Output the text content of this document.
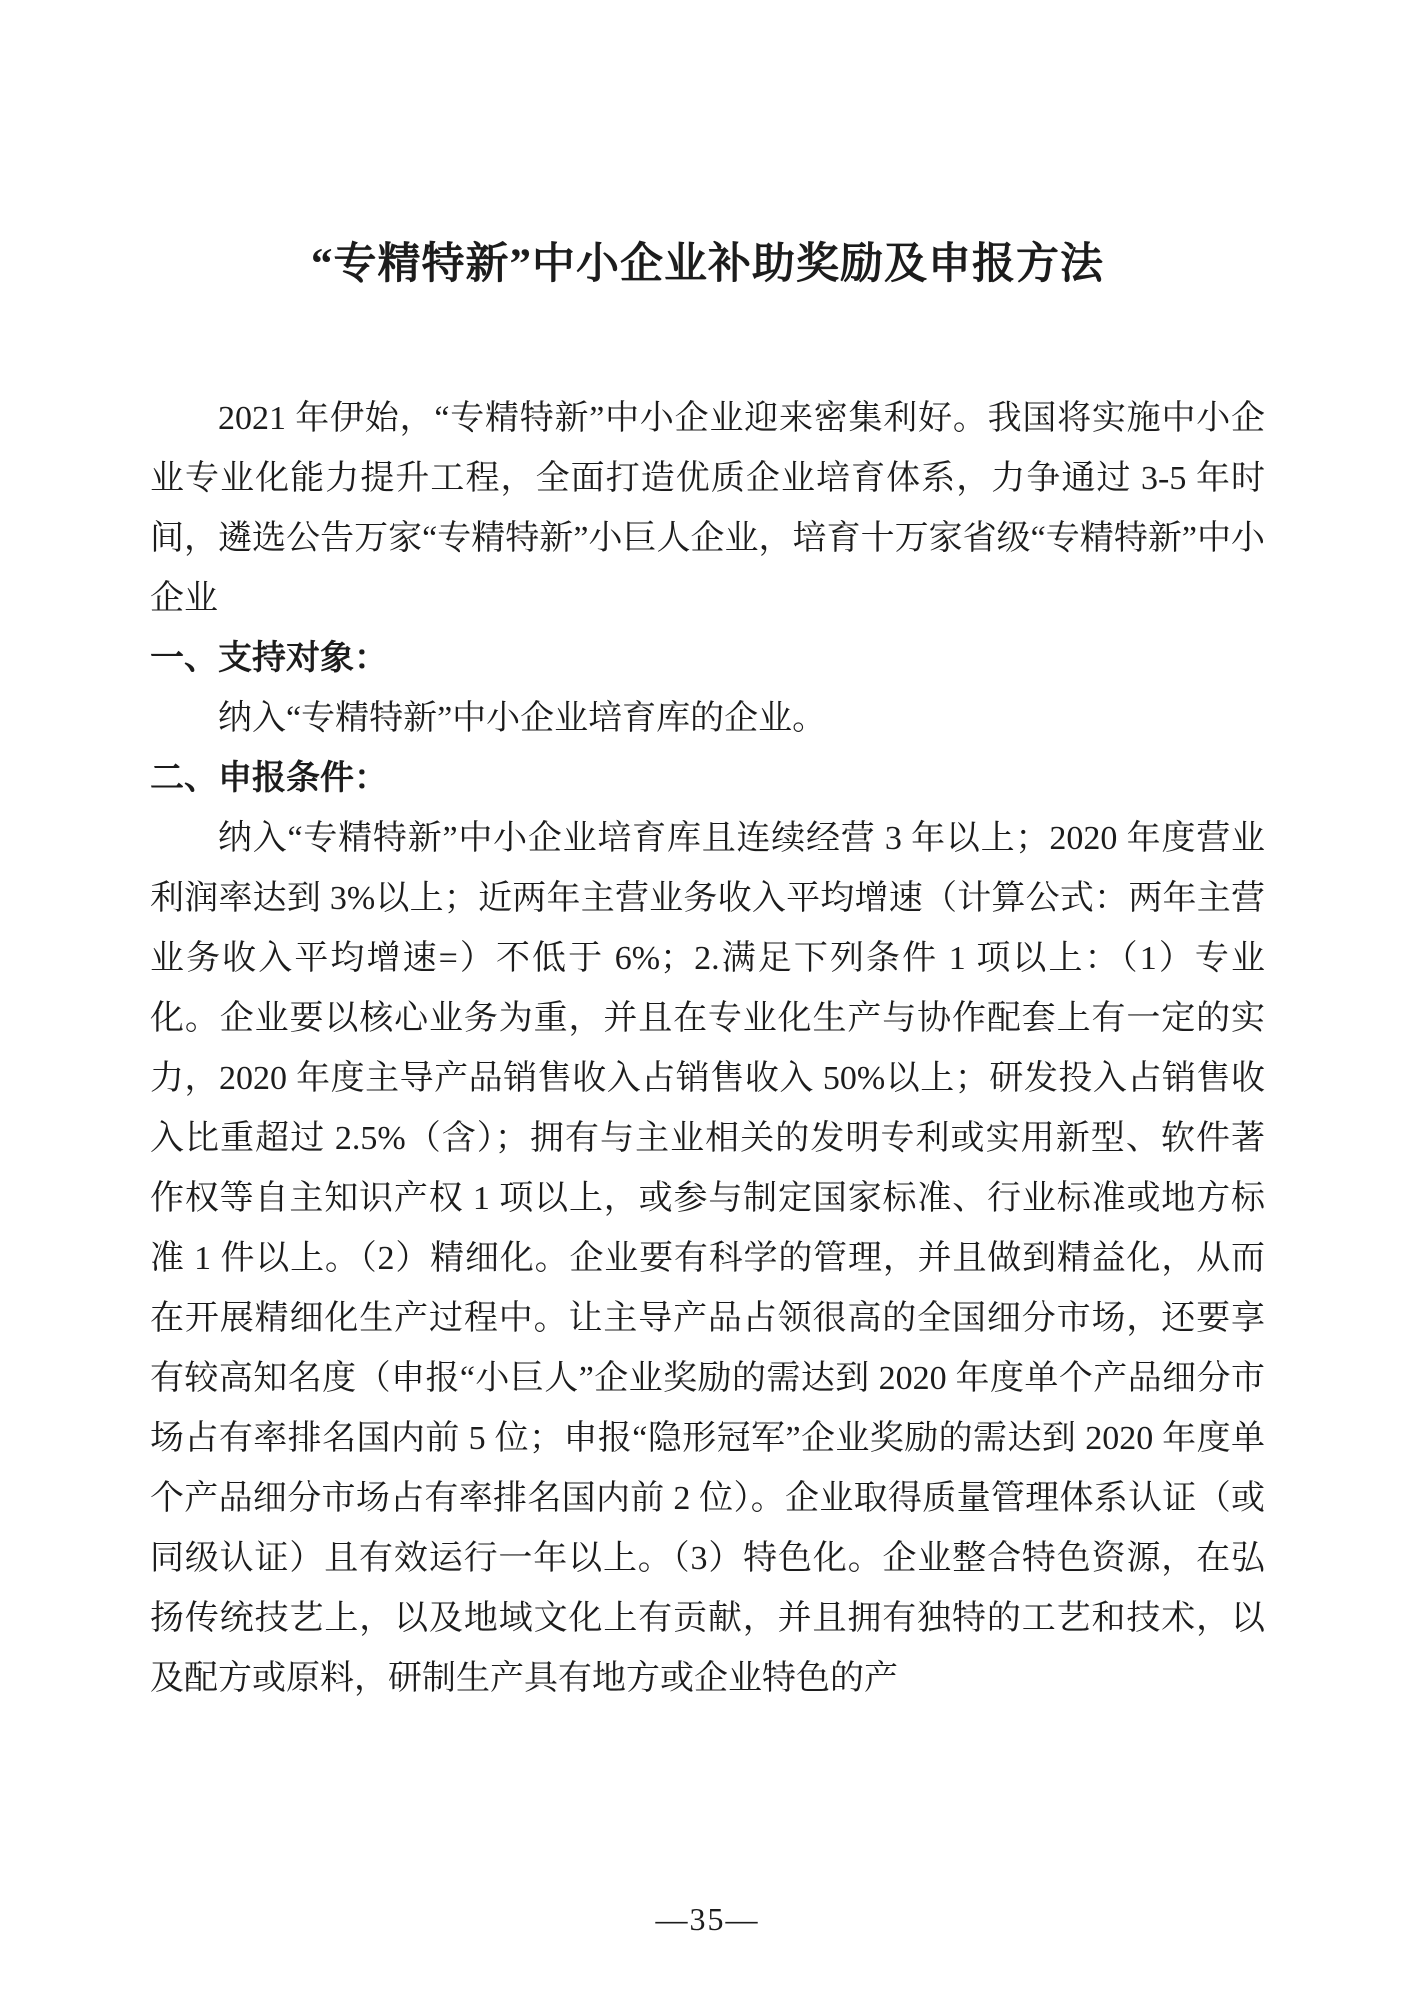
“专精特新”中小企业补助奖励及申报方法

2021 年伊始，“专精特新”中小企业迎来密集利好。我国将实施中小企业专业化能力提升工程，全面打造优质企业培育体系，力争通过 3-5 年时间，遴选公告万家“专精特新”小巨人企业，培育十万家省级“专精特新”中小企业

一、支持对象：

纳入“专精特新”中小企业培育库的企业。

二、申报条件：

纳入“专精特新”中小企业培育库且连续经营 3 年以上；2020 年度营业利润率达到 3%以上；近两年主营业务收入平均增速（计算公式：两年主营业务收入平均增速=）不低于 6%；2.满足下列条件 1 项以上：（1）专业化。企业要以核心业务为重，并且在专业化生产与协作配套上有一定的实力，2020 年度主导产品销售收入占销售收入 50%以上；研发投入占销售收入比重超过 2.5%（含）；拥有与主业相关的发明专利或实用新型、软件著作权等自主知识产权 1 项以上，或参与制定国家标准、行业标准或地方标准 1 件以上。（2）精细化。企业要有科学的管理，并且做到精益化，从而在开展精细化生产过程中。让主导产品占领很高的全国细分市场，还要享有较高知名度（申报“小巨人”企业奖励的需达到 2020 年度单个产品细分市场占有率排名国内前 5 位；申报“隐形冠军”企业奖励的需达到 2020 年度单个产品细分市场占有率排名国内前 2 位）。企业取得质量管理体系认证（或同级认证）且有效运行一年以上。（3）特色化。企业整合特色资源，在弘扬传统技艺上，以及地域文化上有贡献，并且拥有独特的工艺和技术，以及配方或原料，研制生产具有地方或企业特色的产

—35—
